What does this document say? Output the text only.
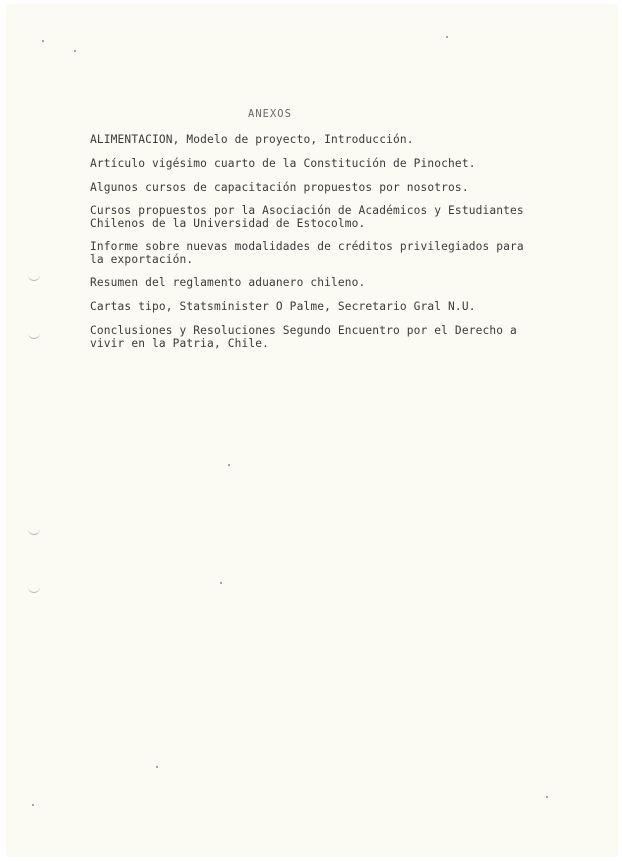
ANEXOS
ALIMENTACION, Modelo de proyecto, Introducción.
Artículo vigésimo cuarto de la Constitución de Pinochet.
Algunos cursos de capacitación propuestos por nosotros.
Cursos propuestos por la Asociación de Académicos y Estudiantes
Chilenos de la Universidad de Estocolmo.
Informe sobre nuevas modalidades de créditos privilegiados para
la exportación.
Resumen del reglamento aduanero chileno.
Cartas tipo, Statsminister O Palme, Secretario Gral N.U.
Conclusiones y Resoluciones Segundo Encuentro por el Derecho a
vivir en la Patria, Chile.
